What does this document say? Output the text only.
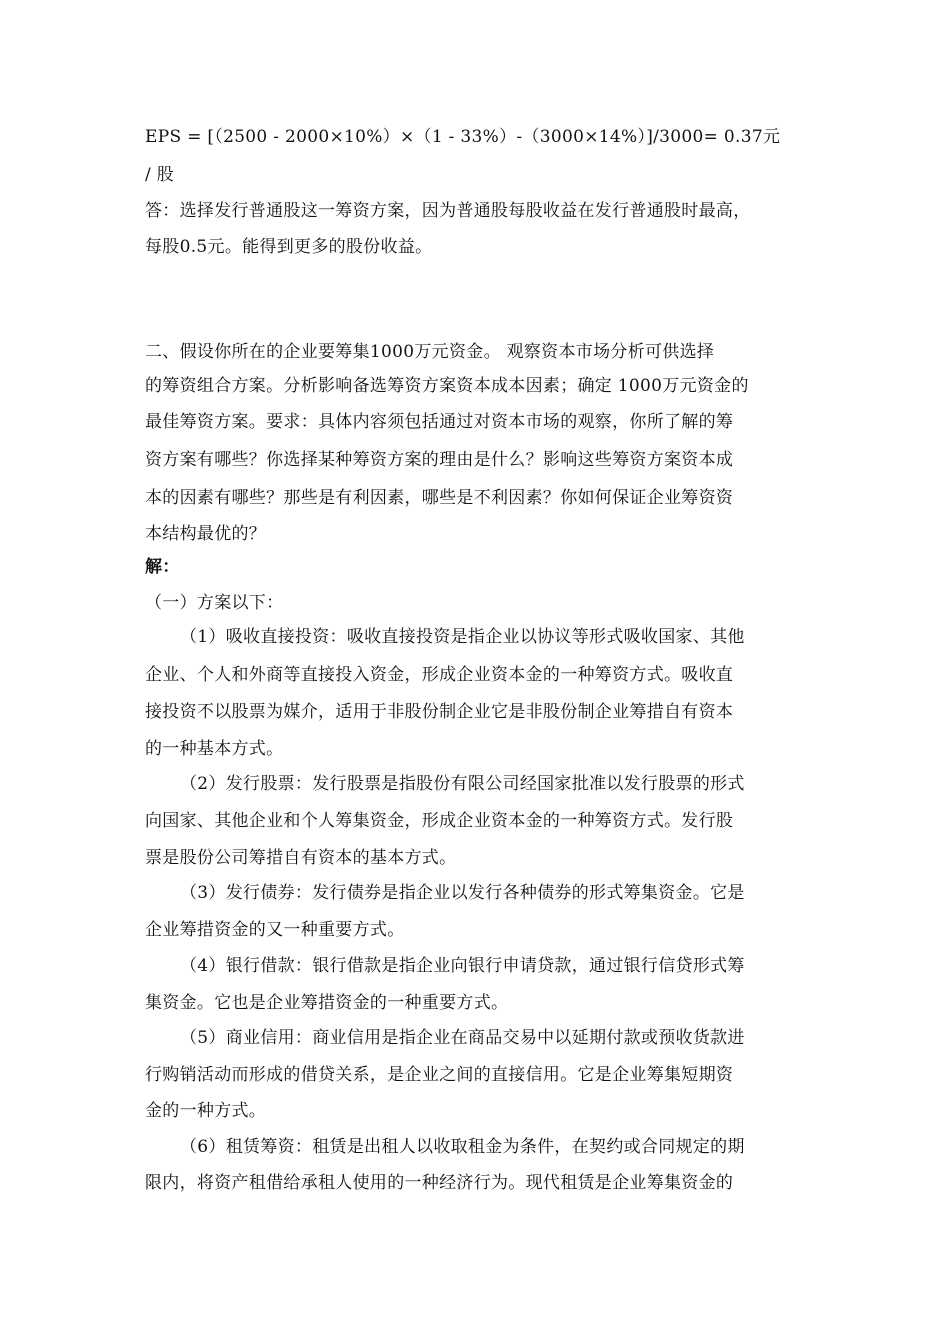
EPS = [（2500 - 2000×10%）×（1 - 33%）-（3000×14%）]/3000= 0.37元
/ 股
答：选择发行普通股这一筹资方案，因为普通股每股收益在发行普通股时最高，
每股0.5元。能得到更多的股份收益。
二、假设你所在的企业要筹集1000万元资金。 观察资本市场分析可供选择
的筹资组合方案。分析影响备选筹资方案资本成本因素；确定 1000万元资金的
最佳筹资方案。要求：具体内容须包括通过对资本市场的观察，你所了解的筹
资方案有哪些？你选择某种筹资方案的理由是什么？影响这些筹资方案资本成
本的因素有哪些？那些是有利因素，哪些是不利因素？你如何保证企业筹资资
本结构最优的？
解：
（一）方案以下：
（1）吸收直接投资：吸收直接投资是指企业以协议等形式吸收国家、其他
企业、个人和外商等直接投入资金，形成企业资本金的一种筹资方式。吸收直
接投资不以股票为媒介，适用于非股份制企业它是非股份制企业筹措自有资本
的一种基本方式。
（2）发行股票：发行股票是指股份有限公司经国家批准以发行股票的形式
向国家、其他企业和个人筹集资金，形成企业资本金的一种筹资方式。发行股
票是股份公司筹措自有资本的基本方式。
（3）发行债券：发行债券是指企业以发行各种债券的形式筹集资金。它是
企业筹措资金的又一种重要方式。
（4）银行借款：银行借款是指企业向银行申请贷款，通过银行信贷形式筹
集资金。它也是企业筹措资金的一种重要方式。
（5）商业信用：商业信用是指企业在商品交易中以延期付款或预收货款进
行购销活动而形成的借贷关系，是企业之间的直接信用。它是企业筹集短期资
金的一种方式。
（6）租赁筹资：租赁是出租人以收取租金为条件，在契约或合同规定的期
限内，将资产租借给承租人使用的一种经济行为。现代租赁是企业筹集资金的
